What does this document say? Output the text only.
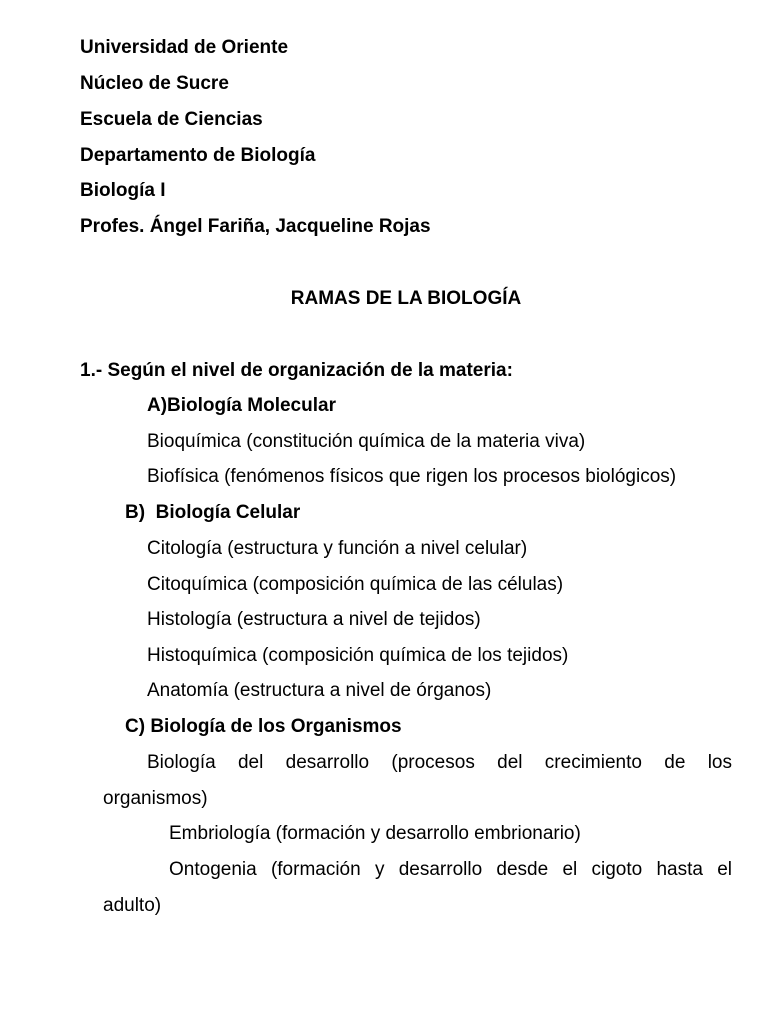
Universidad de Oriente
Núcleo de Sucre
Escuela de Ciencias
Departamento de Biología
Biología I
Profes. Ángel Fariña, Jacqueline Rojas
RAMAS DE LA BIOLOGÍA
1.- Según el nivel de organización de la materia:
A)Biología Molecular
Bioquímica (constitución química de la materia viva)
Biofísica (fenómenos físicos que rigen los procesos biológicos)
B)  Biología Celular
Citología (estructura y función a nivel celular)
Citoquímica (composición química de las células)
Histología (estructura a nivel de tejidos)
Histoquímica (composición química de los tejidos)
Anatomía (estructura a nivel de órganos)
C) Biología de los Organismos
Biología del desarrollo (procesos del crecimiento de los
organismos)
Embriología (formación y desarrollo embrionario)
Ontogenia (formación y desarrollo desde el cigoto hasta el
adulto)
